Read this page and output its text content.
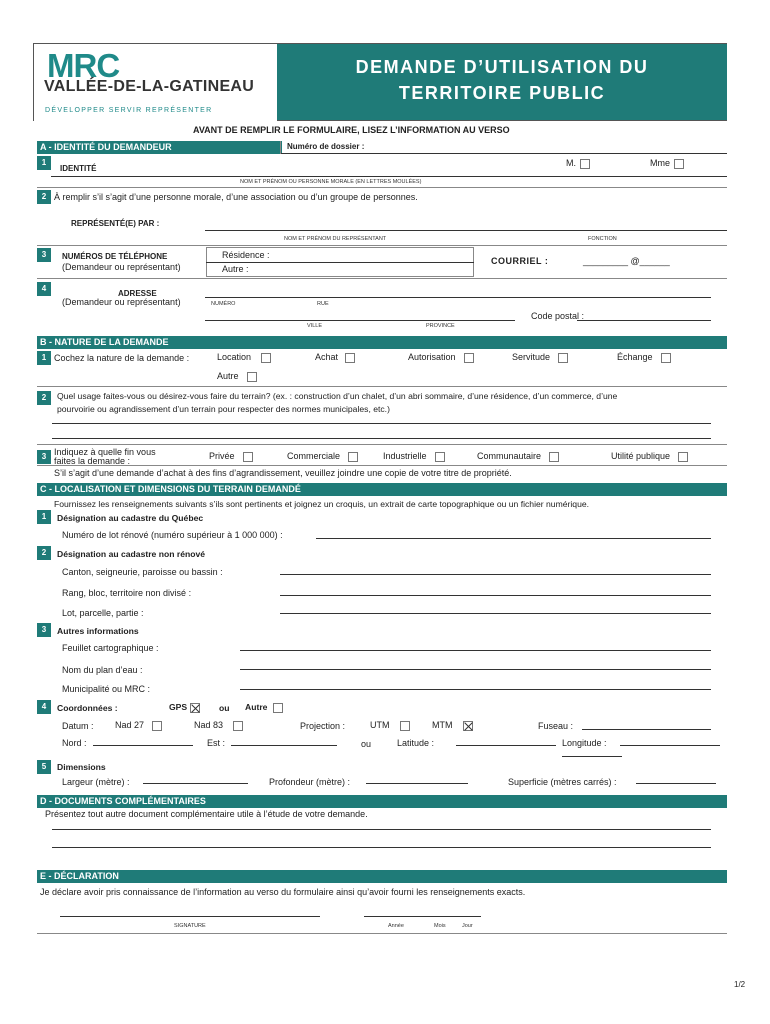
MRC
VALLÉE-DE-LA-GATINEAU
DÉVELOPPER SERVIR REPRÉSENTER
DEMANDE D’UTILISATION DU
TERRITOIRE PUBLIC
AVANT DE REMPLIR LE FORMULAIRE, LISEZ L’INFORMATION AU VERSO
A - IDENTITÉ DU DEMANDEUR	Numéro de dossier :
1
IDENTITÉ
M.	Mme
NOM ET PRÉNOM OU PERSONNE MORALE (EN LETTRES MOULÉES)
2 À remplir s’il s’agit d’une personne morale, d’une association ou d’un groupe de personnes.
REPRÉSENTÉ(E) PAR :
NOM ET PRÉNOM DU REPRÉSENTANT	FONCTION
3	NUMÉROS DE TÉLÉPHONE
(Demandeur ou représentant)
Résidence :
Autre :
COURRIEL :	_________ @______
4
ADRESSE
(Demandeur ou représentant)	NUMÉRO	RUE
Code postal :
VILLE	PROVINCE
B - NATURE DE LA DEMANDE
1 Cochez la nature de la demande :	Location	Achat	Autorisation	Servitude	Échange
Autre
2	Quel usage faites-vous ou désirez-vous faire du terrain? (ex. : construction d’un chalet, d’un abri sommaire, d’une résidence, d’un commerce, d’une
pourvoirie ou agrandissement d’un terrain pour respecter des normes municipales, etc.)
3 Indiquez à quelle fin vous
faites la demande :	Privée	Commerciale	Industrielle	Communautaire	Utilité publique
S’il s’agit d’une demande d’achat à des fins d’agrandissement, veuillez joindre une copie de votre titre de propriété.
C - LOCALISATION ET DIMENSIONS DU TERRAIN DEMANDÉ
Fournissez les renseignements suivants s’ils sont pertinents et joignez un croquis, un extrait de carte topographique ou un fichier numérique.
1	Désignation au cadastre du Québec
Numéro de lot rénové (numéro supérieur à 1 000 000) :
2	Désignation au cadastre non rénové
Canton, seigneurie, paroisse ou bassin :
Rang, bloc, territoire non divisé :
Lot, parcelle, partie :
3	Autres informations
Feuillet cartographique :
Nom du plan d’eau :
Municipalité ou MRC :
4	Coordonnées :	GPS	ou Autre
Datum : Nad 27	Nad 83	Projection :	UTM	MTM	Fuseau :
Nord :	Est :	ou	Latitude :	Longitude :
5	Dimensions
Largeur (mètre) :	Profondeur (mètre) :	Superficie (mètres carrés) :
D - DOCUMENTS COMPLÉMENTAIRES
Présentez tout autre document complémentaire utile à l’étude de votre demande.
E - DÉCLARATION
Je déclare avoir pris connaissance de l’information au verso du formulaire ainsi qu’avoir fourni les renseignements exacts.
SIGNATURE	Année	Mois	Jour
1/2
